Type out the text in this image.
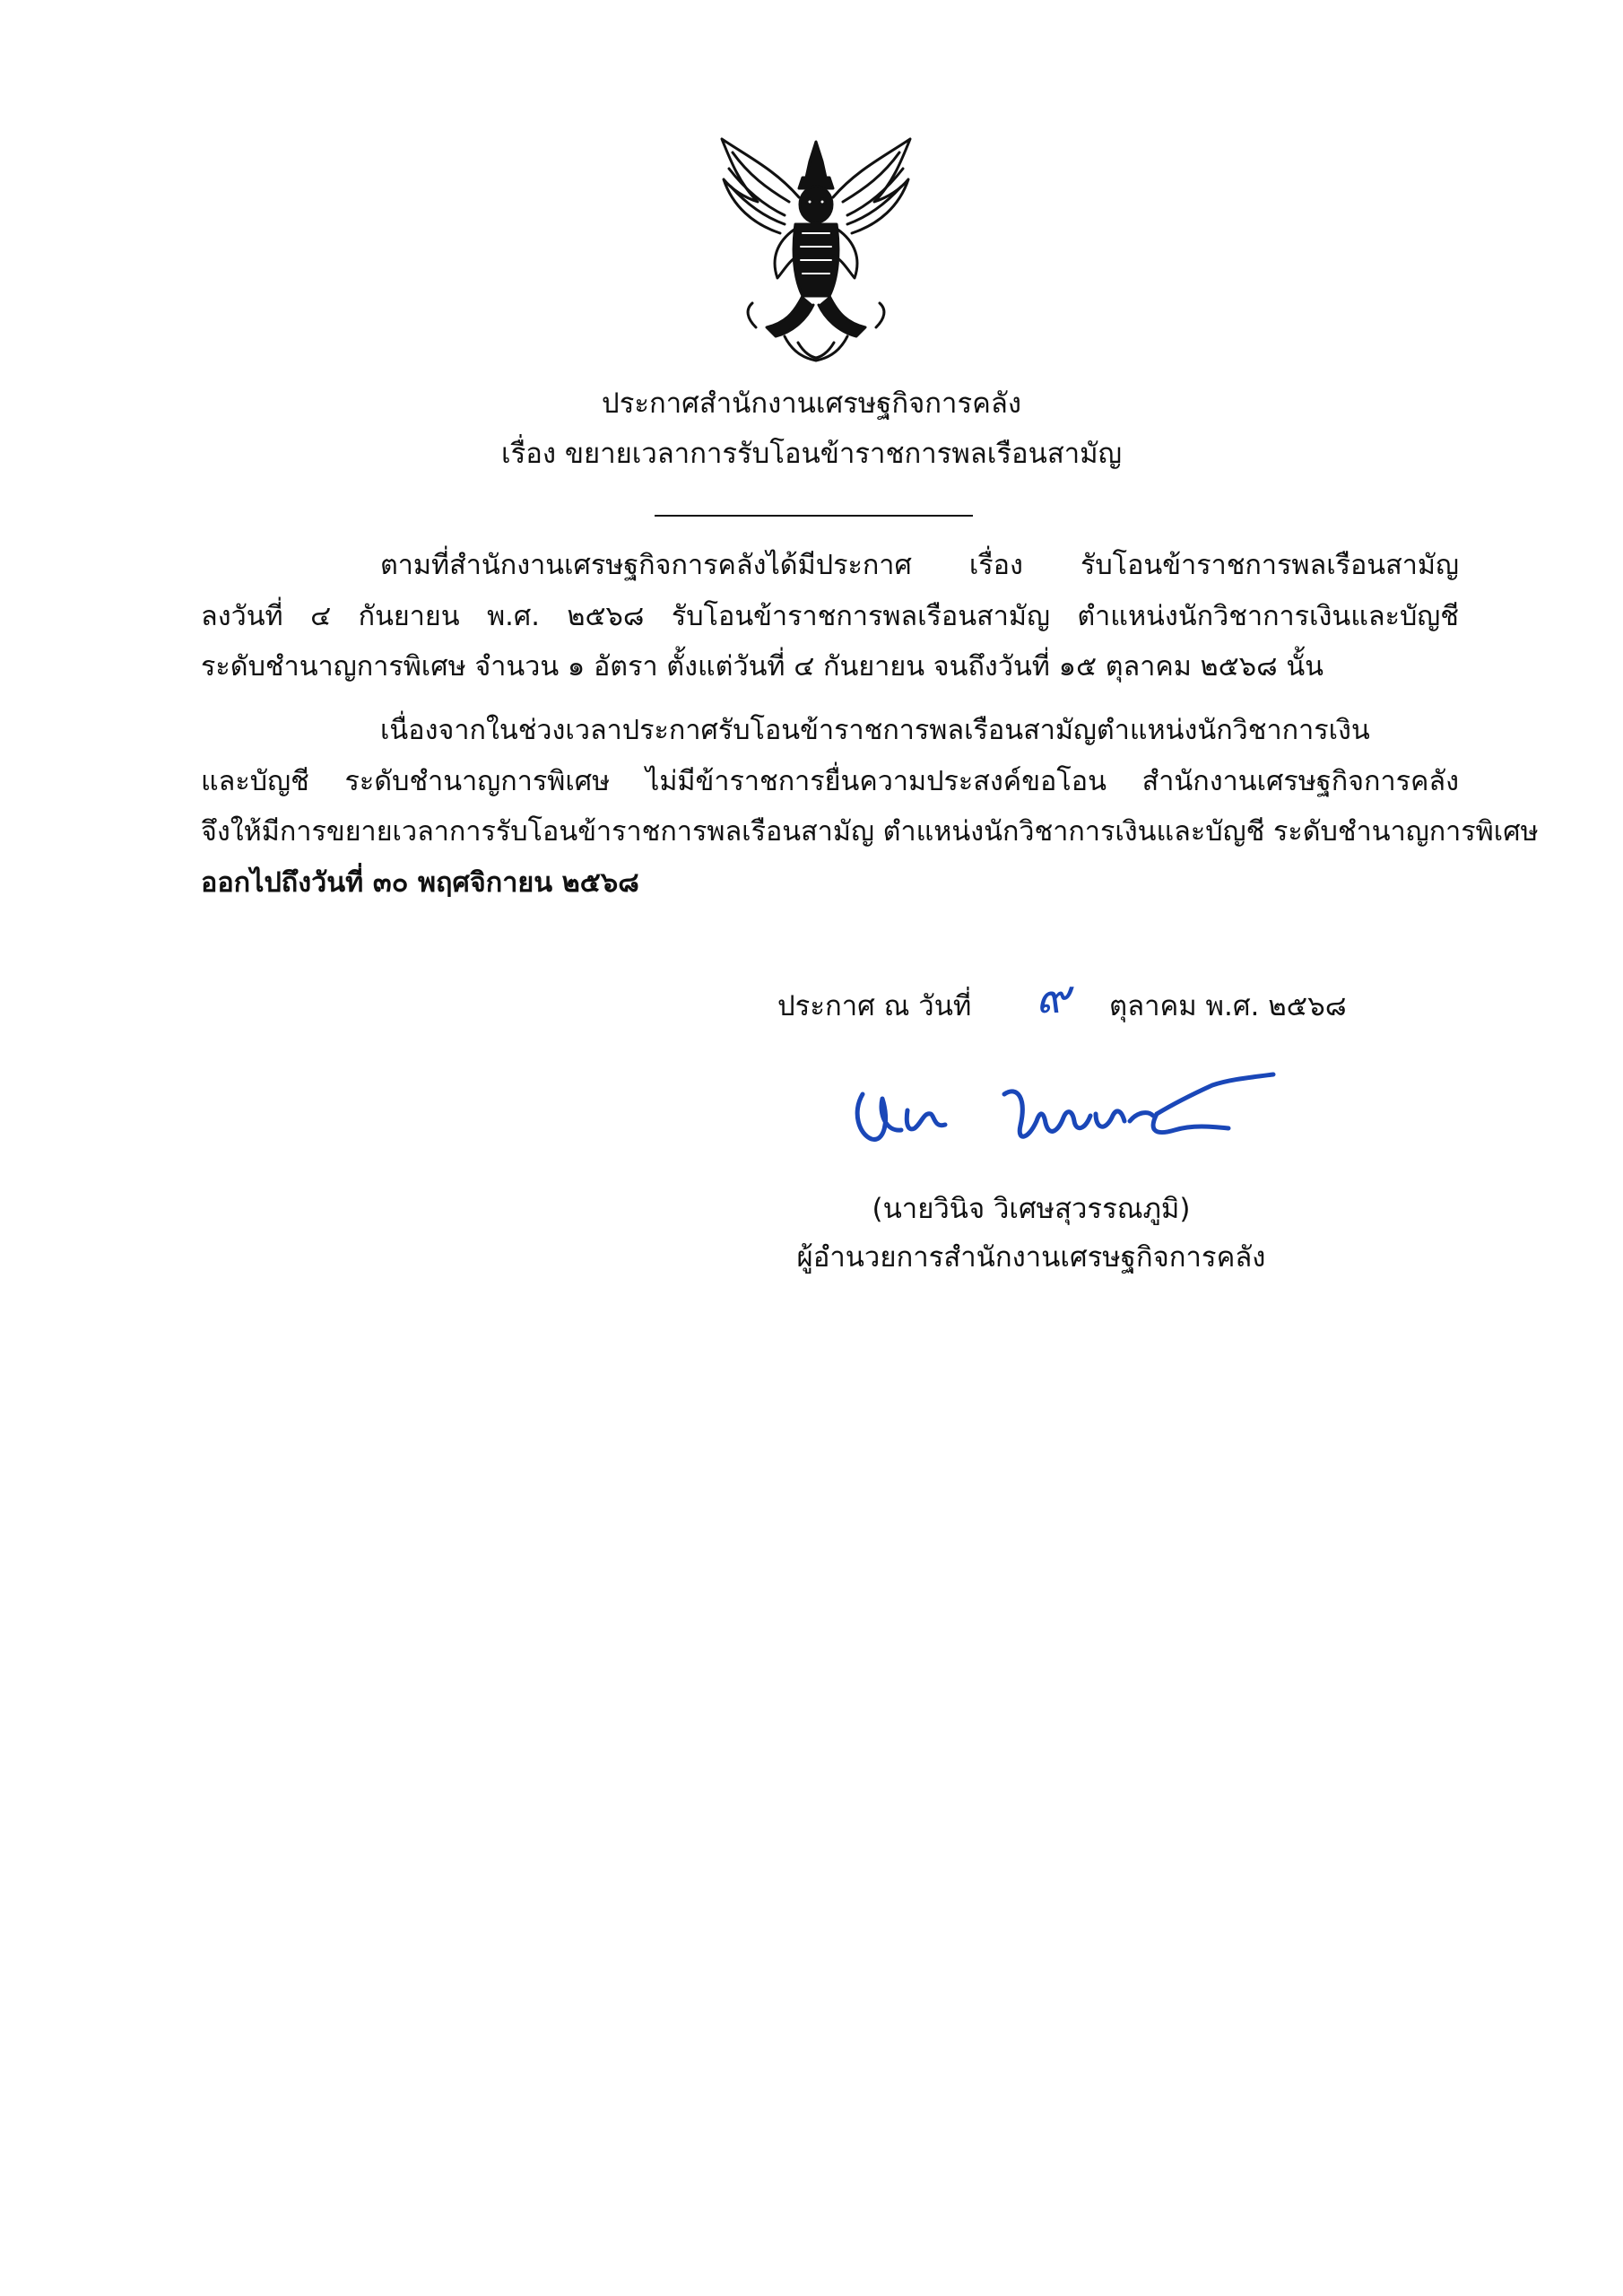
ประกาศสำนักงานเศรษฐกิจการคลัง
เรื่อง ขยายเวลาการรับโอนข้าราชการพลเรือนสามัญ
ตามที่สำนักงานเศรษฐกิจการคลังได้มีประกาศ เรื่อง รับโอนข้าราชการพลเรือนสามัญ
ลงวันที่ ๔ กันยายน พ.ศ. ๒๕๖๘ รับโอนข้าราชการพลเรือนสามัญ ตำแหน่งนักวิชาการเงินและบัญชี
ระดับชำนาญการพิเศษ จำนวน ๑ อัตรา ตั้งแต่วันที่ ๔ กันยายน จนถึงวันที่ ๑๕ ตุลาคม ๒๕๖๘ นั้น
เนื่องจากในช่วงเวลาประกาศรับโอนข้าราชการพลเรือนสามัญตำแหน่งนักวิชาการเงิน
และบัญชี ระดับชำนาญการพิเศษ ไม่มีข้าราชการยื่นความประสงค์ขอโอน สำนักงานเศรษฐกิจการคลัง
จึงให้มีการขยายเวลาการรับโอนข้าราชการพลเรือนสามัญ ตำแหน่งนักวิชาการเงินและบัญชี ระดับชำนาญการพิเศษ
ออกไปถึงวันที่ ๓๐ พฤศจิกายน ๒๕๖๘
ประกาศ ณ วันที่ ๙ ตุลาคม พ.ศ. ๒๕๖๘
(นายวินิจ วิเศษสุวรรณภูมิ)
ผู้อำนวยการสำนักงานเศรษฐกิจการคลัง
